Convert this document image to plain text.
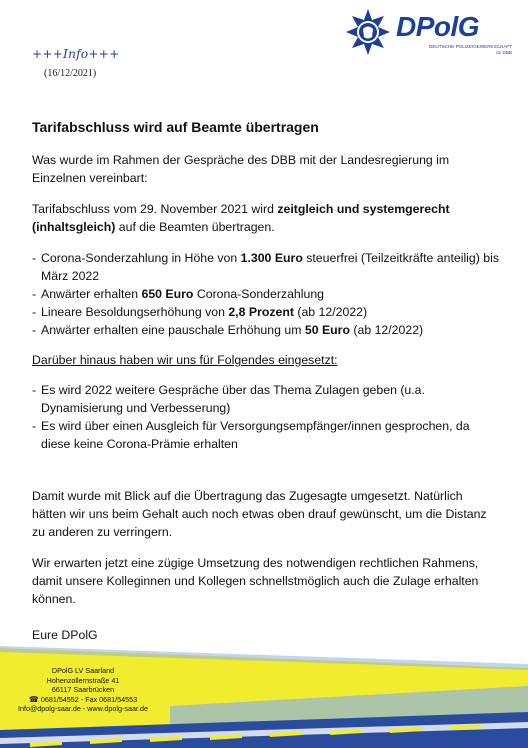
DPolG
DEUTSCHE POLIZEIGEWERKSCHAFT
im DBB
+++Info+++
(16/12/2021)
Tarifabschluss wird auf Beamte übertragen
Was wurde im Rahmen der Gespräche des DBB mit der Landesregierung im Einzelnen vereinbart:
Tarifabschluss vom 29. November 2021 wird zeitgleich und systemgerecht (inhaltsgleich) auf die Beamten übertragen.
- Corona-Sonderzahlung in Höhe von 1.300 Euro steuerfrei (Teilzeitkräfte anteilig) bis März 2022
- Anwärter erhalten 650 Euro Corona-Sonderzahlung
- Lineare Besoldungserhöhung von 2,8 Prozent (ab 12/2022)
- Anwärter erhalten eine pauschale Erhöhung um 50 Euro (ab 12/2022)
Darüber hinaus haben wir uns für Folgendes eingesetzt:
- Es wird 2022 weitere Gespräche über das Thema Zulagen geben (u.a. Dynamisierung und Verbesserung)
- Es wird über einen Ausgleich für Versorgungsempfänger/innen gesprochen, da diese keine Corona-Prämie erhalten
Damit wurde mit Blick auf die Übertragung das Zugesagte umgesetzt. Natürlich hätten wir uns beim Gehalt auch noch etwas oben drauf gewünscht, um die Distanz zu anderen zu verringern.
Wir erwarten jetzt eine zügige Umsetzung des notwendigen rechtlichen Rahmens, damit unsere Kolleginnen und Kollegen schnellstmöglich auch die Zulage erhalten können.
Eure DPolG
DPolG LV Saarland
Hohenzollernstraße 41
66117 Saarbrücken
☎ 0681/54552 - Fax 0681/54553
Info@dpolg-saar.de - www.dpolg-saar.de
